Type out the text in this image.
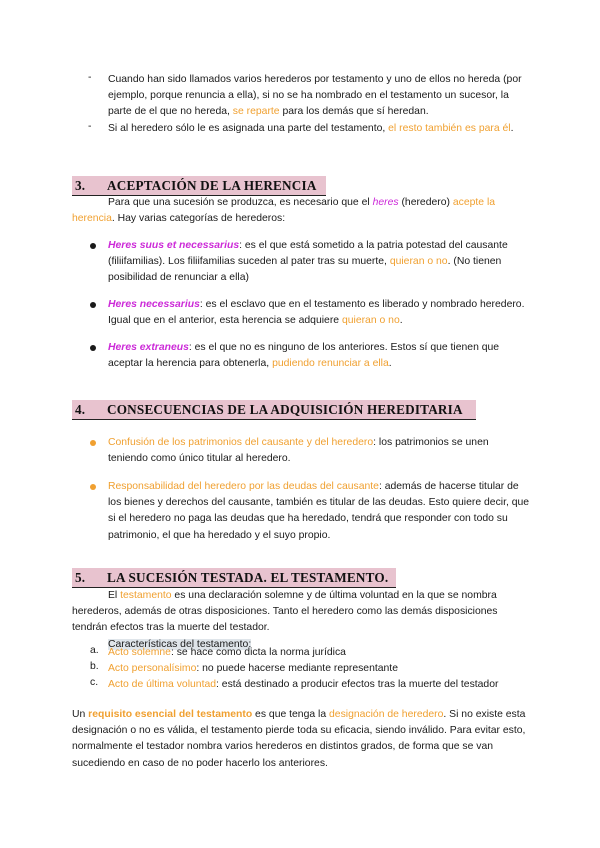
- Cuando han sido llamados varios herederos por testamento y uno de ellos no hereda (por ejemplo, porque renuncia a ella), si no se ha nombrado en el testamento un sucesor, la parte de el que no hereda, se reparte para los demás que sí heredan.

- Si al heredero sólo le es asignada una parte del testamento, el resto también es para él.

3. ACEPTACIÓN DE LA HERENCIA

Para que una sucesión se produzca, es necesario que el heres (heredero) acepte la herencia. Hay varias categorías de herederos:

Heres suus et necessarius: es el que está sometido a la patria potestad del causante (filiifamilias). Los filiifamilias suceden al pater tras su muerte, quieran o no. (No tienen posibilidad de renunciar a ella)

Heres necessarius: es el esclavo que en el testamento es liberado y nombrado heredero. Igual que en el anterior, esta herencia se adquiere quieran o no.

Heres extraneus: es el que no es ninguno de los anteriores. Estos sí que tienen que aceptar la herencia para obtenerla, pudiendo renunciar a ella.

4. CONSECUENCIAS DE LA ADQUISICIÓN HEREDITARIA

Confusión de los patrimonios del causante y del heredero: los patrimonios se unen teniendo como único titular al heredero.

Responsabilidad del heredero por las deudas del causante: además de hacerse titular de los bienes y derechos del causante, también es titular de las deudas. Esto quiere decir, que si el heredero no paga las deudas que ha heredado, tendrá que responder con todo su patrimonio, el que ha heredado y el suyo propio.

5. LA SUCESIÓN TESTADA. EL TESTAMENTO.

El testamento es una declaración solemne y de última voluntad en la que se nombra herederos, además de otras disposiciones. Tanto el heredero como las demás disposiciones tendrán efectos tras la muerte del testador.

Características del testamento:

a. Acto solemne: se hace como dicta la norma jurídica

b. Acto personalísimo: no puede hacerse mediante representante

c. Acto de última voluntad: está destinado a producir efectos tras la muerte del testador

Un requisito esencial del testamento es que tenga la designación de heredero. Si no existe esta designación o no es válida, el testamento pierde toda su eficacia, siendo inválido. Para evitar esto, normalmente el testador nombra varios herederos en distintos grados, de forma que se van sucediendo en caso de no poder hacerlo los anteriores.
